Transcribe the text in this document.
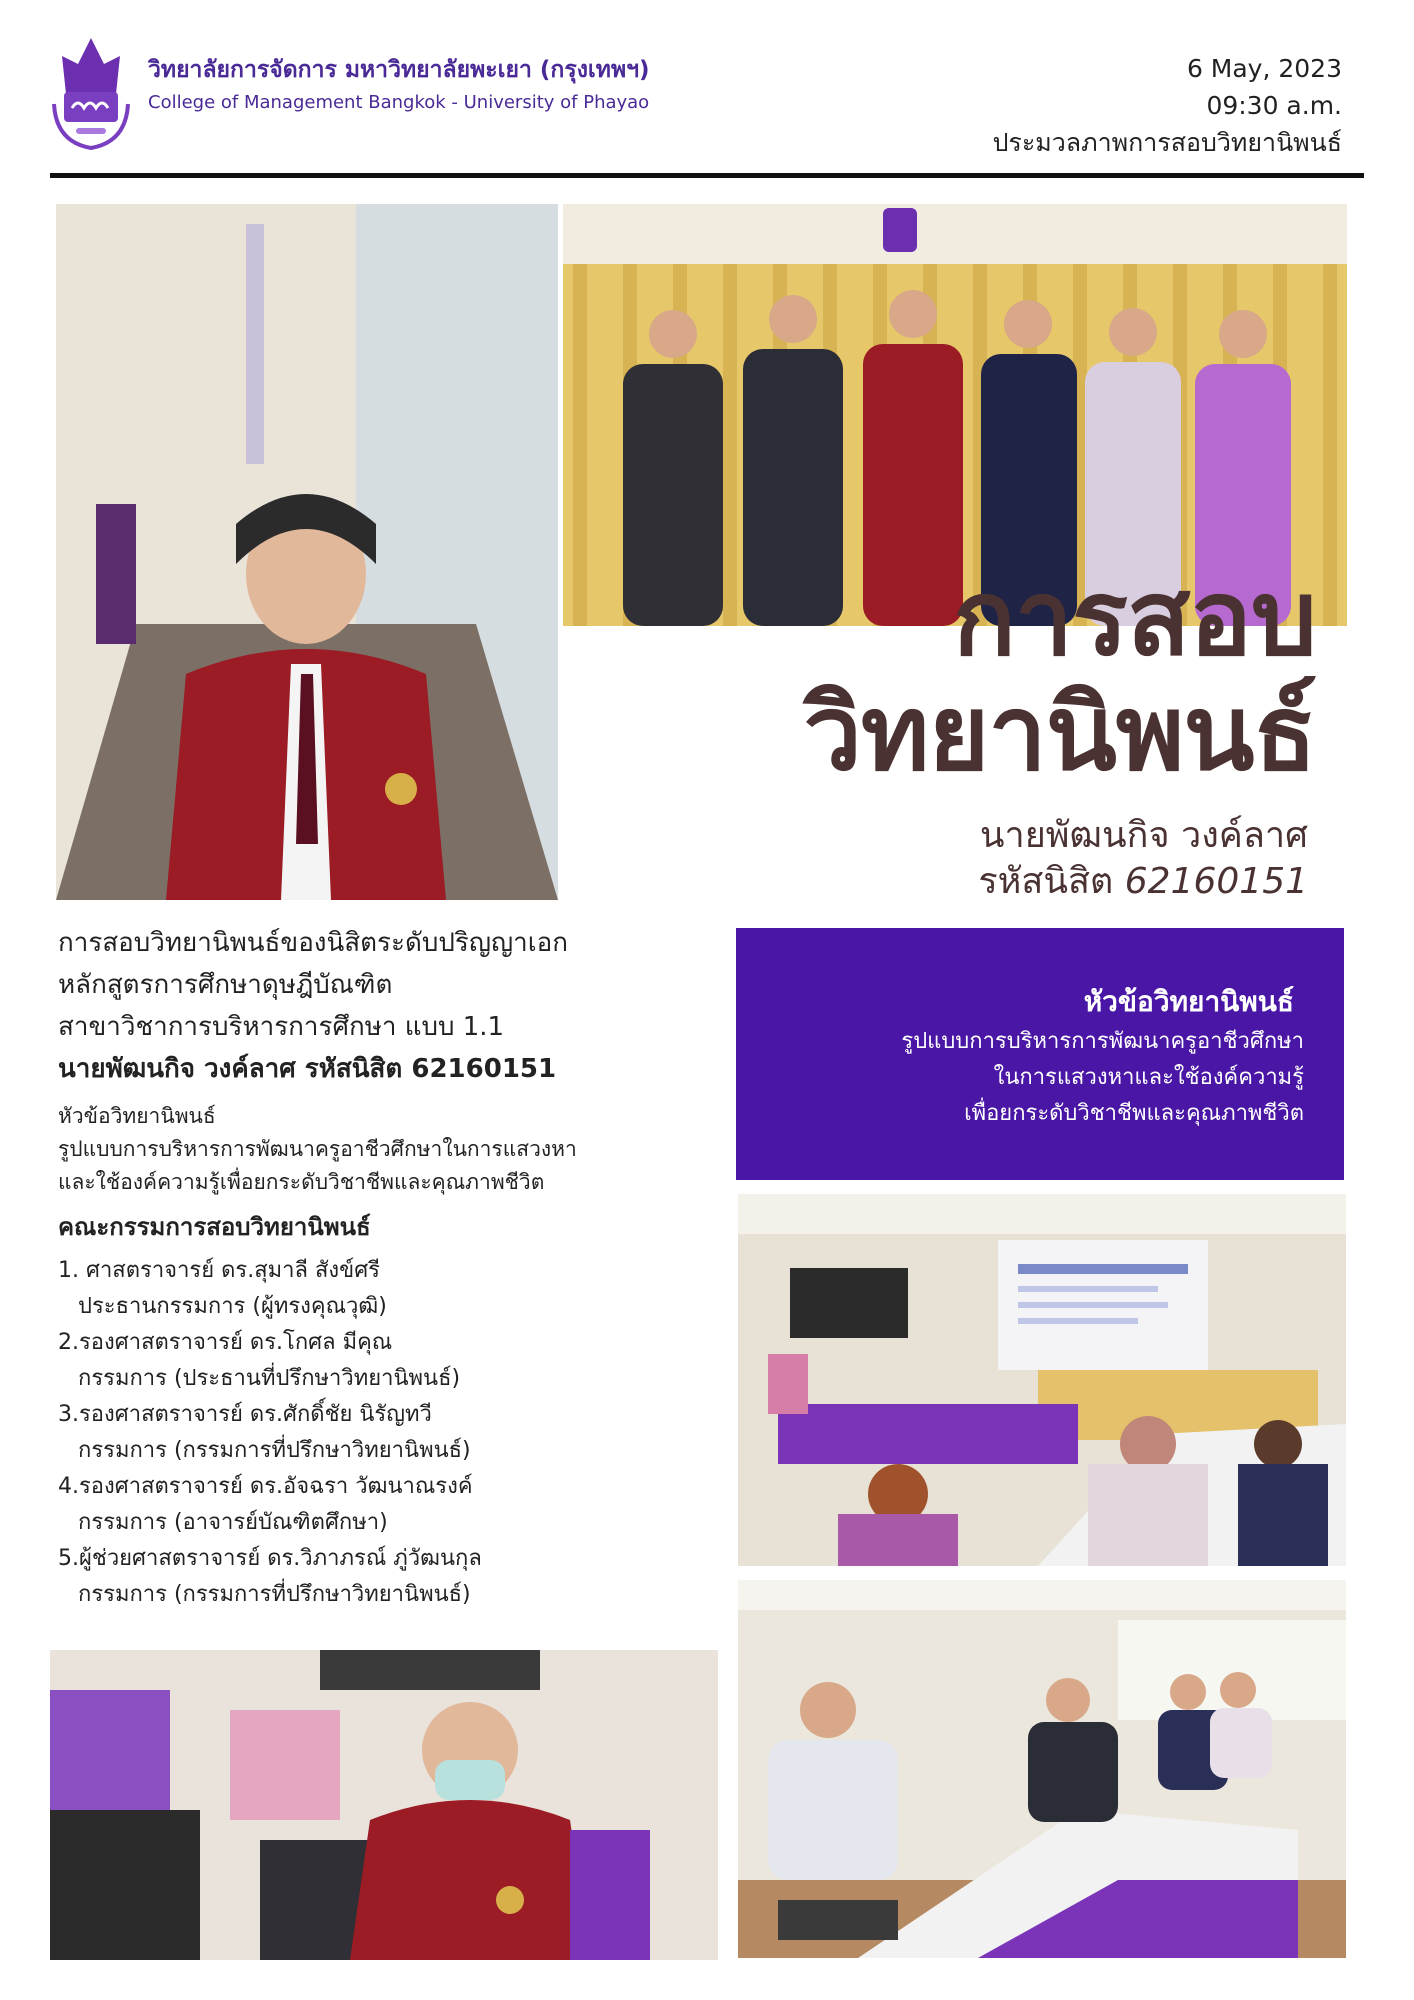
วิทยาลัยการจัดการ มหาวิทยาลัยพะเยา (กรุงเทพฯ)
College of Management Bangkok - University of Phayao
6 May, 2023
09:30 a.m.
ประมวลภาพการสอบวิทยานิพนธ์
การสอบ
วิทยานิพนธ์
นายพัฒนกิจ วงค์ลาศ
รหัสนิสิต 62160151
การสอบวิทยานิพนธ์ของนิสิตระดับปริญญาเอก
หลักสูตรการศึกษาดุษฎีบัณฑิต
สาขาวิชาการบริหารการศึกษา แบบ 1.1
นายพัฒนกิจ วงค์ลาศ รหัสนิสิต 62160151
หัวข้อวิทยานิพนธ์
รูปแบบการบริหารการพัฒนาครูอาชีวศึกษาในการแสวงหา
และใช้องค์ความรู้เพื่อยกระดับวิชาชีพและคุณภาพชีวิต
คณะกรรมการสอบวิทยานิพนธ์
1. ศาสตราจารย์ ดร.สุมาลี สังข์ศรี
ประธานกรรมการ (ผู้ทรงคุณวุฒิ)
2.รองศาสตราจารย์ ดร.โกศล มีคุณ
กรรมการ (ประธานที่ปรึกษาวิทยานิพนธ์)
3.รองศาสตราจารย์ ดร.ศักดิ์ชัย นิรัญทวี
กรรมการ (กรรมการที่ปรึกษาวิทยานิพนธ์)
4.รองศาสตราจารย์ ดร.อัจฉรา วัฒนาณรงค์
กรรมการ (อาจารย์บัณฑิตศึกษา)
5.ผู้ช่วยศาสตราจารย์ ดร.วิภาภรณ์ ภู่วัฒนกุล
กรรมการ (กรรมการที่ปรึกษาวิทยานิพนธ์)
หัวข้อวิทยานิพนธ์
รูปแบบการบริหารการพัฒนาครูอาชีวศึกษา
ในการแสวงหาและใช้องค์ความรู้
เพื่อยกระดับวิชาชีพและคุณภาพชีวิต
